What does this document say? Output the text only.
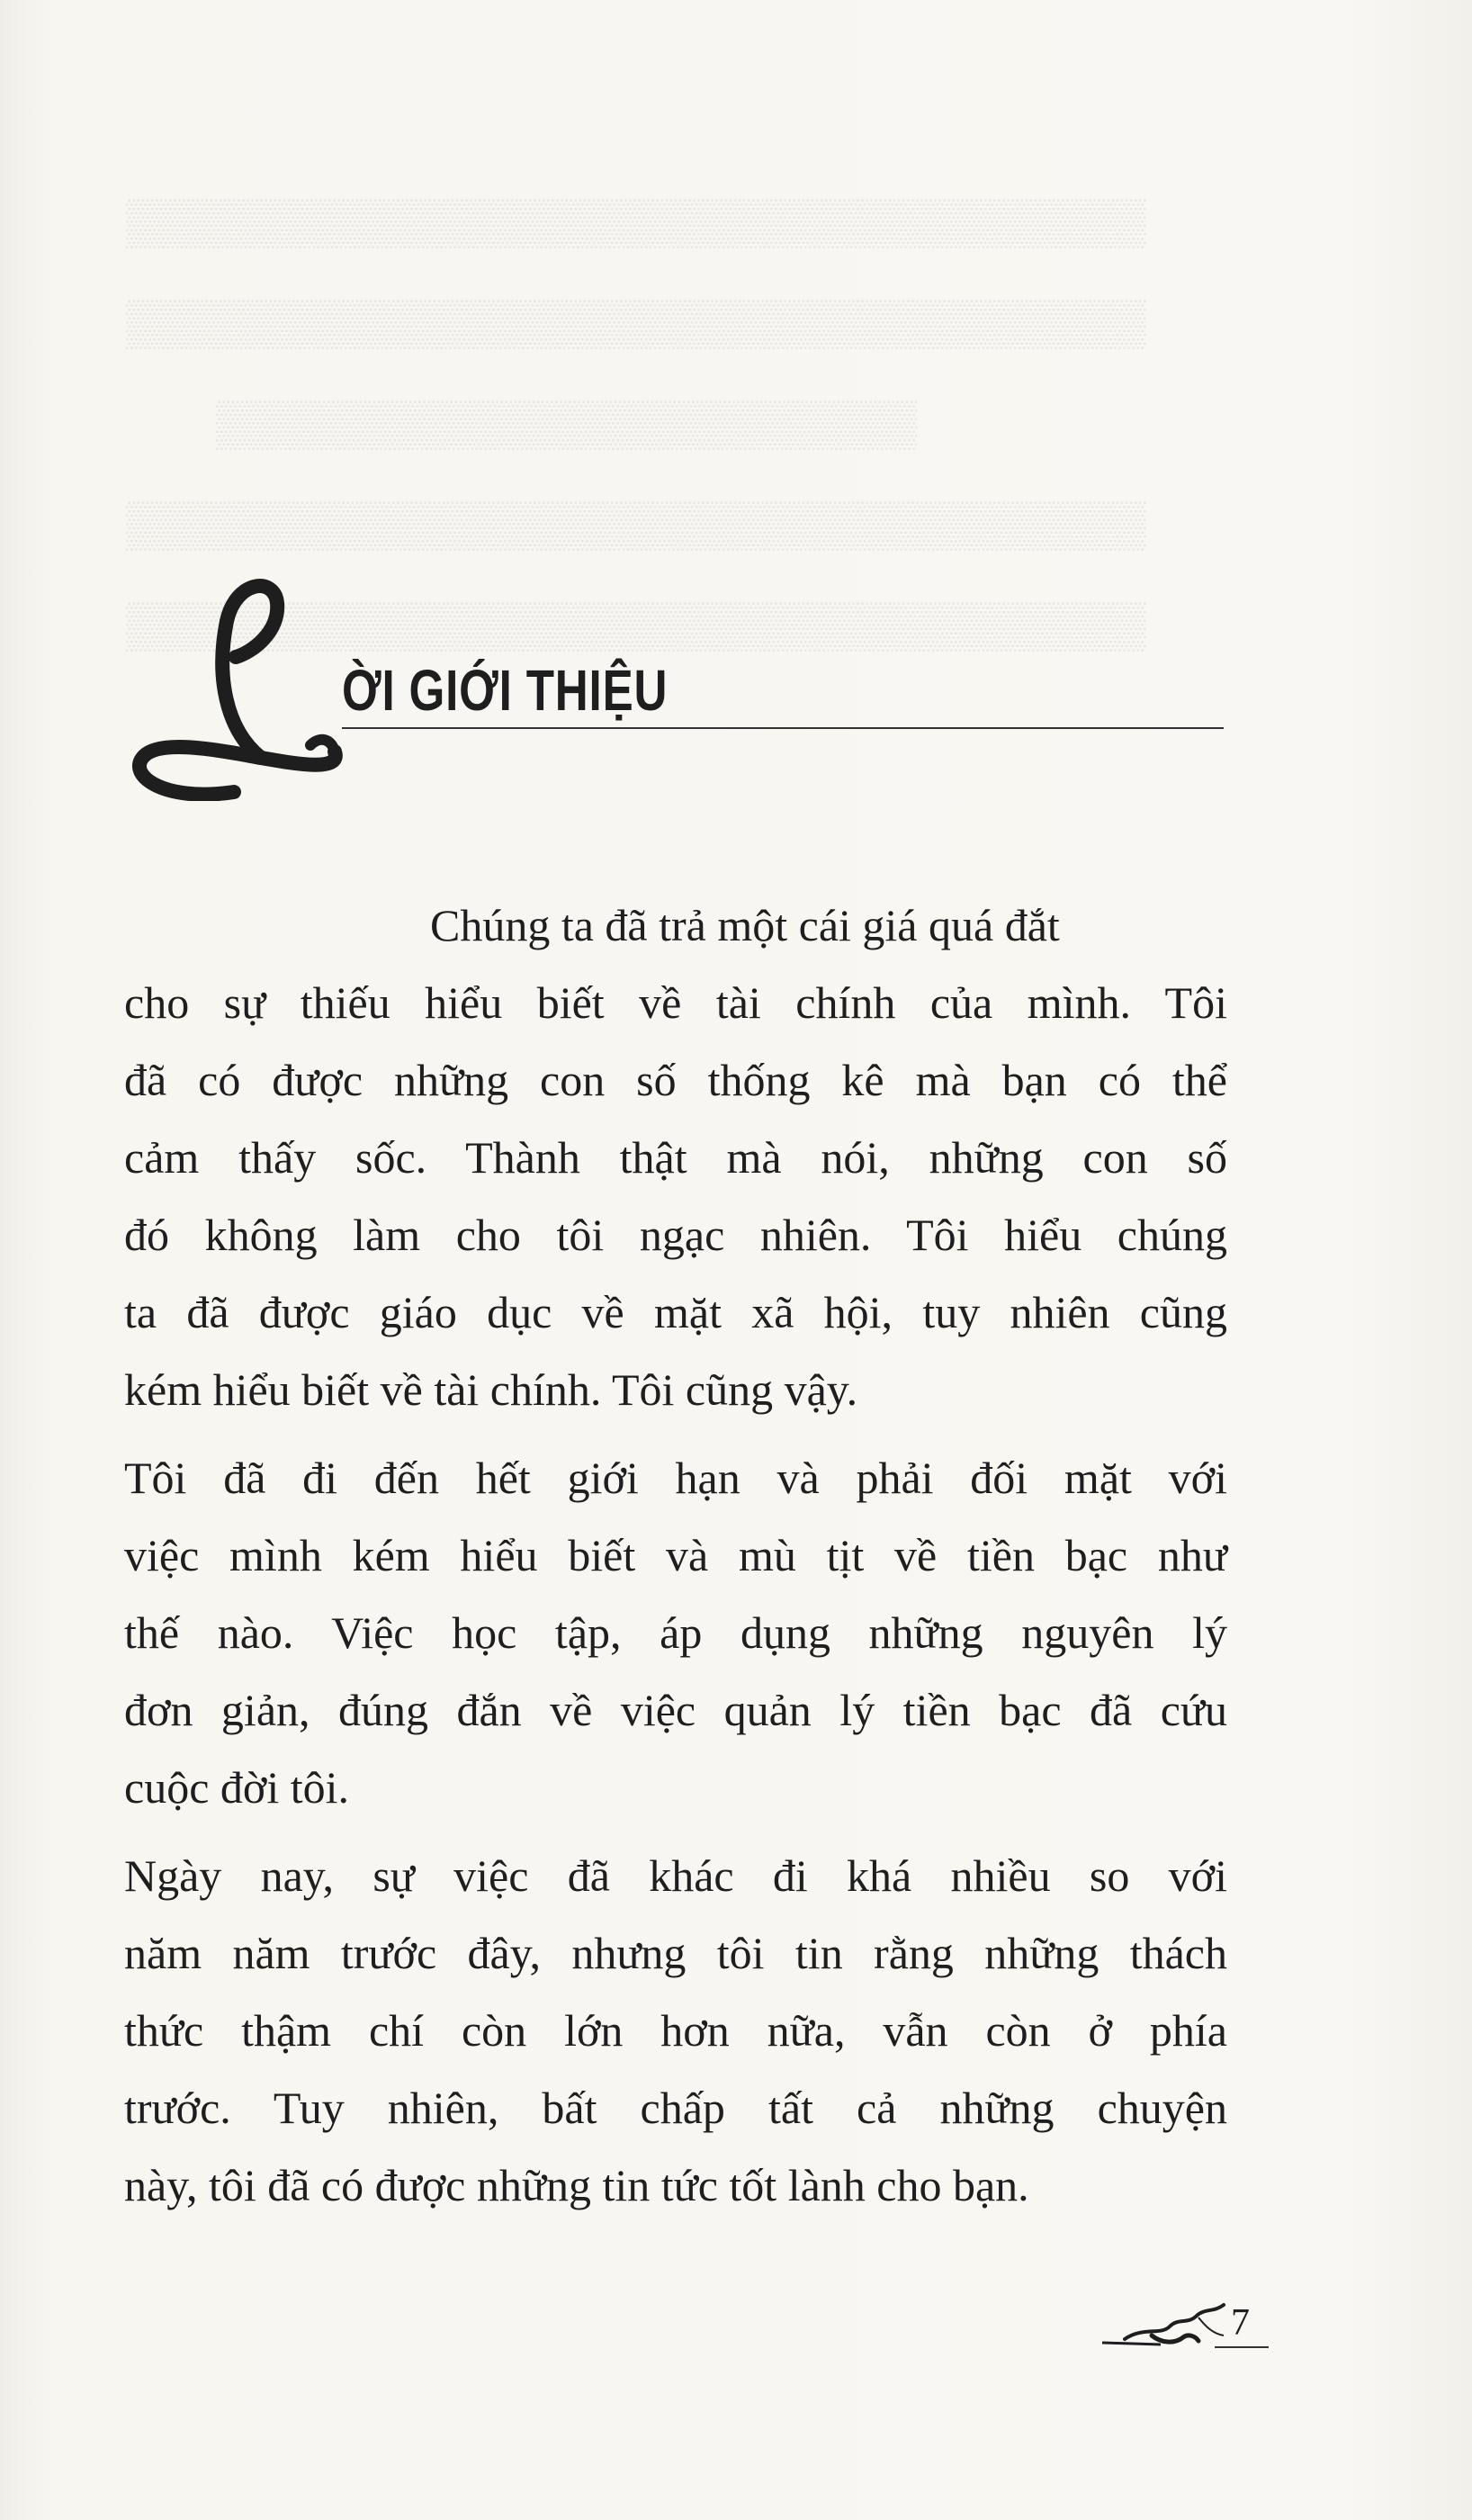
▒▒▒▒▒▒▒▒▒▒▒▒▒▒▒▒▒▒▒▒▒▒▒▒▒▒▒▒▒▒▒▒
▒▒▒▒▒▒▒▒▒▒▒▒▒▒▒▒▒▒▒▒▒▒▒▒▒▒▒▒▒▒▒▒
▒▒▒▒▒▒▒▒▒▒▒▒▒▒▒▒▒▒▒▒▒▒
▒▒▒▒▒▒▒▒▒▒▒▒▒▒▒▒▒▒▒▒▒▒▒▒▒▒▒▒▒▒▒▒
▒▒▒▒▒▒▒▒▒▒▒▒▒▒▒▒▒▒▒▒▒▒▒▒▒▒▒▒▒▒▒▒
ỜI GIỚI THIỆU

Chúng ta đã trả một cái giá quá đắt

cho sự thiếu hiểu biết về tài chính của mình. Tôi
đã có được những con số thống kê mà bạn có thể
cảm thấy sốc. Thành thật mà nói, những con số
đó không làm cho tôi ngạc nhiên. Tôi hiểu chúng
ta đã được giáo dục về mặt xã hội, tuy nhiên cũng
kém hiểu biết về tài chính. Tôi cũng vậy.

Tôi đã đi đến hết giới hạn và phải đối mặt với
việc mình kém hiểu biết và mù tịt về tiền bạc như
thế nào. Việc học tập, áp dụng những nguyên lý
đơn giản, đúng đắn về việc quản lý tiền bạc đã cứu
cuộc đời tôi.

Ngày nay, sự việc đã khác đi khá nhiều so với
năm năm trước đây, nhưng tôi tin rằng những thách
thức thậm chí còn lớn hơn nữa, vẫn còn ở phía
trước. Tuy nhiên, bất chấp tất cả những chuyện
này, tôi đã có được những tin tức tốt lành cho bạn.

7
